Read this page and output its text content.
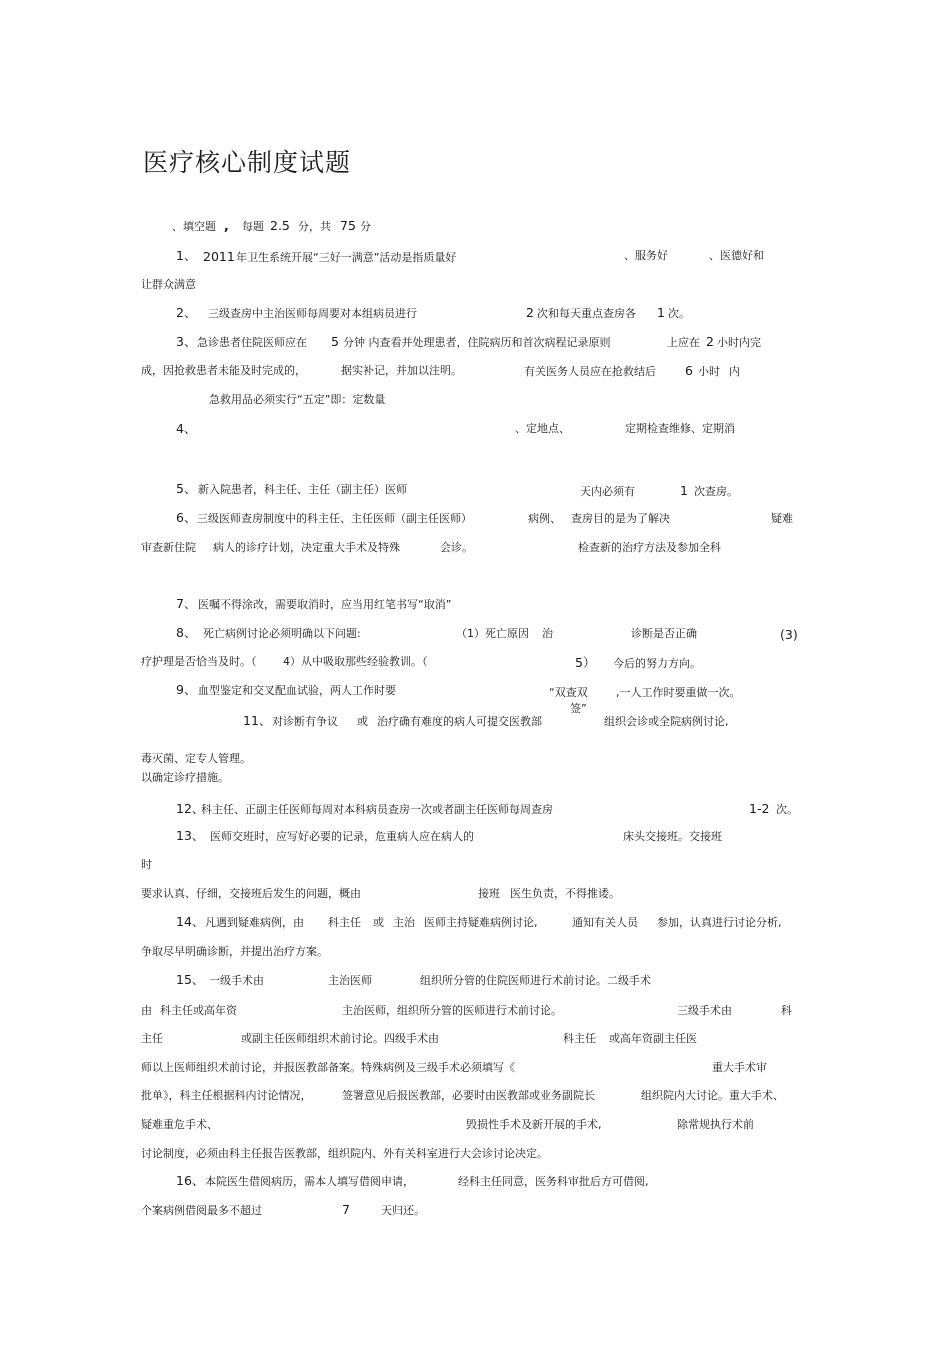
医疗核心制度试题
、填空题 , 每题 2.5 分，共 75 分
1、 2011 年卫生系统开展“三好一满意”活动是指质量好	、服务好	、医德好和
让群众满意
2、 三级查房中主治医师每周要对本组病员进行	2 次和每天重点查房各 1 次。
3、 急诊患者住院医师应在 5 分钟 内查看并处理患者，住院病历和首次病程记录原则	上应在 2 小时内完
成，因抢救患者未能及时完成的，	据实补记，并加以注明。	有关医务人员应在抢救结后 6 小时 内
急救用品必须实行“五定”即：定数量
4、	、定地点、	定期检查维修、定期消
5、 新入院患者，科主任、主任（副主任）医师	天内必须有	1 次查房。
6、 三级医师查房制度中的科主任、主任医师（副主任医师）	病例、 查房目的是为了解决	疑难
审查新住院 病人的诊疗计划，决定重大手术及特殊	会诊。	检查新的治疗方法及参加全科
7、 医嘱不得涂改，需要取消时，应当用红笔书写“取消”
8、 死亡病例讨论必须明确以下问题:	（1）死亡原因 治	诊断是否正确	(3)
疗护理是否恰当及时。（ 4）从中吸取那些经验教训。（	5） 今后的努力方向。
9、 血型鉴定和交叉配血试验，两人工作时要	“双查双
签”
,一人工作时要重做一次。
11、 对诊断有争议 或 治疗确有难度的病人可提交医教部	组织会诊或全院病例讨论,
毒灭菌、定专人管理。
以确定诊疗措施。
12、
科主任、正副主任医师每周对本科病员查房一次或者副主任医师每周查房	1-2 次。
13、 医师交班时，应写好必要的记录，危重病人应在病人的	床头交接班。交接班
时
要求认真、仔细，交接班后发生的问题，概由	接班 医生负责，不得推诿。
14、 凡遇到疑难病例，由 科主任 或 主治 医师主持疑难病例讨论,	通知有关人员 参加，认真进行讨论分析,
争取尽早明确诊断，并提出治疗方案。
15、 一级手术由	主治医师	组织所分管的住院医师进行术前讨论。二级手术
由 科主任或高年资	主治医师，组织所分管的医师进行术前讨论。	三级手术由	科
主任	或副主任医师组织术前讨论。四级手术由	科主任 或高年资副主任医
师以上医师组织术前讨论，并报医教部备案。特殊病例及三级手术必须填写《	重大手术审
批单》，科主任根据科内讨论情况，	签署意见后报医教部，必要时由医教部或业务副院长	组织院内大讨论。重大手术、
疑难重危手术、	毁损性手术及新开展的手术,	除常规执行术前
讨论制度，必须由科主任报告医教部，组织院内、外有关科室进行大会诊讨论决定。
16、 本院医生借阅病历，需本人填写借阅申请，	经科主任同意，医务科审批后方可借阅,
个案病例借阅最多不超过	7	天归还。
